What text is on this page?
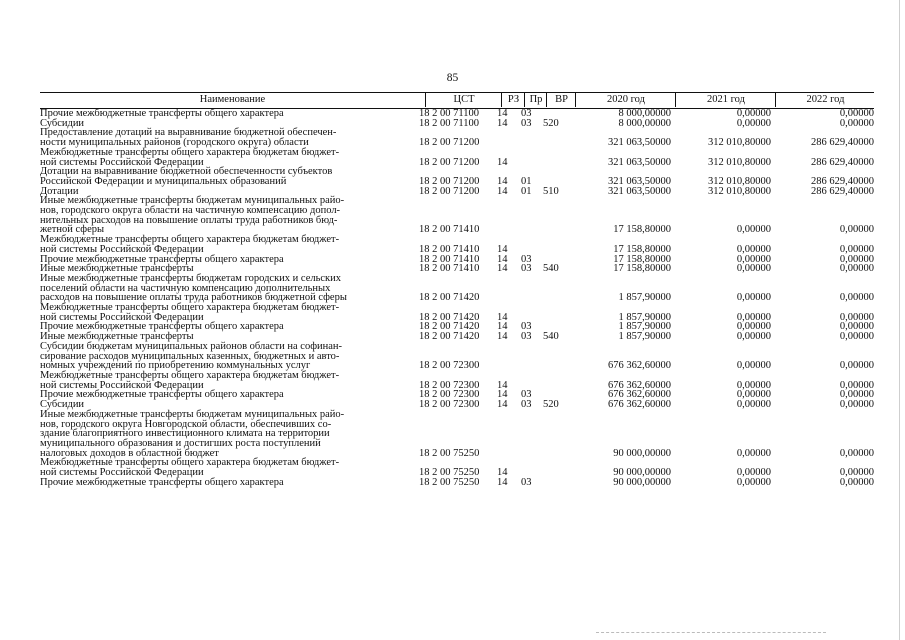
85
Наименование	ЦСТ	РЗ Пр	ВР	2020 год	2021 год	2022 год
Прочие межбюджетные трансферты общего характера	18 2 00 71100	14	03		8 000,00000	0,00000	0,00000

Субсидии	18 2 00 71100	14	03	520	8 000,00000	0,00000	0,00000

Предоставление дотаций на выравнивание бюджетной обеспечен-
ности муниципальных районов (городского округа) области	18 2 00 71200				321 063,50000	312 010,80000	286 629,40000

Межбюджетные трансферты общего характера бюджетам бюджет-
ной системы Российской Федерации	18 2 00 71200	14			321 063,50000	312 010,80000	286 629,40000

Дотации на выравнивание бюджетной обеспеченности субъектов
Российской Федерации и муниципальных образований	18 2 00 71200	14	01		321 063,50000	312 010,80000	286 629,40000

Дотации	18 2 00 71200	14	01	510	321 063,50000	312 010,80000	286 629,40000

Иные межбюджетные трансферты бюджетам муниципальных райо-
нов, городского округа области на частичную компенсацию допол-
нительных расходов на повышение оплаты труда работников бюд-
жетной сферы	18 2 00 71410				17 158,80000	0,00000	0,00000

Межбюджетные трансферты общего характера бюджетам бюджет-
ной системы Российской Федерации	18 2 00 71410	14			17 158,80000	0,00000	0,00000

Прочие межбюджетные трансферты общего характера	18 2 00 71410	14	03		17 158,80000	0,00000	0,00000

Иные межбюджетные трансферты	18 2 00 71410	14	03	540	17 158,80000	0,00000	0,00000

Иные межбюджетные трансферты бюджетам городских и сельских
поселений области на частичную компенсацию дополнительных
расходов на повышение оплаты труда работников бюджетной сферы	18 2 00 71420				1 857,90000	0,00000	0,00000

Межбюджетные трансферты общего характера бюджетам бюджет-
ной системы Российской Федерации	18 2 00 71420	14			1 857,90000	0,00000	0,00000

Прочие межбюджетные трансферты общего характера	18 2 00 71420	14	03		1 857,90000	0,00000	0,00000

Иные межбюджетные трансферты	18 2 00 71420	14	03	540	1 857,90000	0,00000	0,00000

Субсидии бюджетам муниципальных районов области на софинан-
сирование расходов муниципальных казенных, бюджетных и авто-
номных учреждений по приобретению коммунальных услуг	18 2 00 72300				676 362,60000	0,00000	0,00000

Межбюджетные трансферты общего характера бюджетам бюджет-
ной системы Российской Федерации	18 2 00 72300	14			676 362,60000	0,00000	0,00000

Прочие межбюджетные трансферты общего характера	18 2 00 72300	14	03		676 362,60000	0,00000	0,00000

Субсидии	18 2 00 72300	14	03	520	676 362,60000	0,00000	0,00000

Иные межбюджетные трансферты бюджетам муниципальных райо-
нов, городского округа Новгородской области, обеспечивших со-
здание благоприятного инвестиционного климата на территории
муниципального образования и достигших роста поступлений
налоговых доходов в областной бюджет	18 2 00 75250				90 000,00000	0,00000	0,00000

Межбюджетные трансферты общего характера бюджетам бюджет-
ной системы Российской Федерации	18 2 00 75250	14			90 000,00000	0,00000	0,00000

Прочие межбюджетные трансферты общего характера	18 2 00 75250	14	03		90 000,00000	0,00000	0,00000
